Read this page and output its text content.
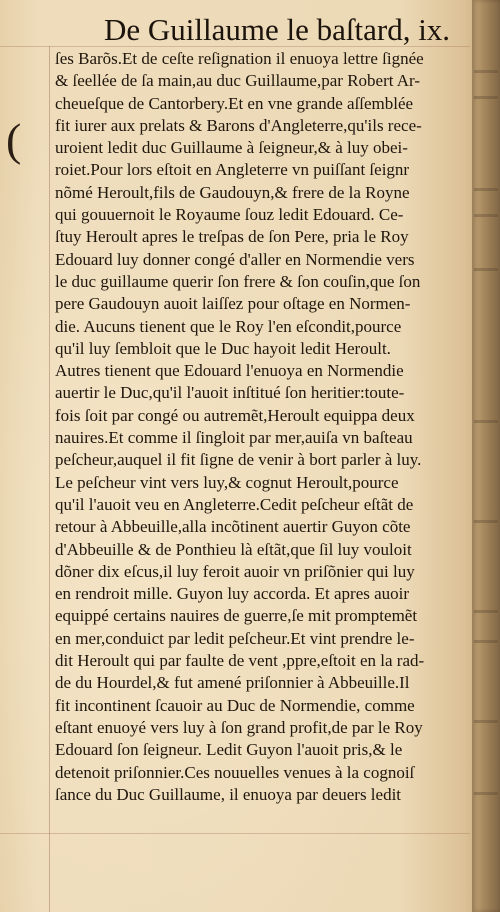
De Guillaume le baſtard, ix.
(
ſes Barõs.Et de ceſte reſignation il enuoya lettre ſignée
& ſeellée de ſa main,au duc Guillaume,par Robert Ar-
cheueſque de Cantorbery.Et en vne grande aſſemblée
fit iurer aux prelats & Barons d'Angleterre,qu'ils rece-
uroient ledit duc Guillaume à ſeigneur,& à luy obei-
roiet.Pour lors eſtoit en Angleterre vn puiſſant ſeignr
nõmé Heroult,fils de Gaudouyn,& frere de la Royne
qui gouuernoit le Royaume ſouz ledit Edouard. Ce-
ſtuy Heroult apres le treſpas de ſon Pere, pria le Roy
Edouard luy donner congé d'aller en Normendie vers
le duc guillaume querir ſon frere & ſon couſin,que ſon
pere Gaudouyn auoit laiſſez pour oſtage en Normen-
die. Aucuns tienent que le Roy l'en eſcondit,pource
qu'il luy ſembloit que le Duc hayoit ledit Heroult.
Autres tienent que Edouard l'enuoya en Normendie
auertir le Duc,qu'il l'auoit inſtitué ſon heritier:toute-
fois ſoit par congé ou autremẽt,Heroult equippa deux
nauires.Et comme il ſingloit par mer,auiſa vn baſteau
peſcheur,auquel il fit ſigne de venir à bort parler à luy.
Le peſcheur vint vers luy,& cognut Heroult,pource
qu'il l'auoit veu en Angleterre.Cedit peſcheur eſtãt de
retour à Abbeuille,alla incõtinent auertir Guyon cõte
d'Abbeuille & de Ponthieu là eſtãt,que ſil luy vouloit
dõner dix eſcus,il luy feroit auoir vn priſõnier qui luy
en rendroit mille. Guyon luy accorda. Et apres auoir
equippé certains nauires de guerre,ſe mit promptemẽt
en mer,conduict par ledit peſcheur.Et vint prendre le-
dit Heroult qui par faulte de vent ,ppre,eſtoit en la rad-
de du Hourdel,& fut amené priſonnier à Abbeuille.Il
fit incontinent ſcauoir au Duc de Normendie, comme
eſtant enuoyé vers luy à ſon grand profit,de par le Roy
Edouard ſon ſeigneur. Ledit Guyon l'auoit pris,& le
detenoit priſonnier.Ces nouuelles venues à la cognoiſ
ſance du Duc Guillaume, il enuoya par deuers ledit
